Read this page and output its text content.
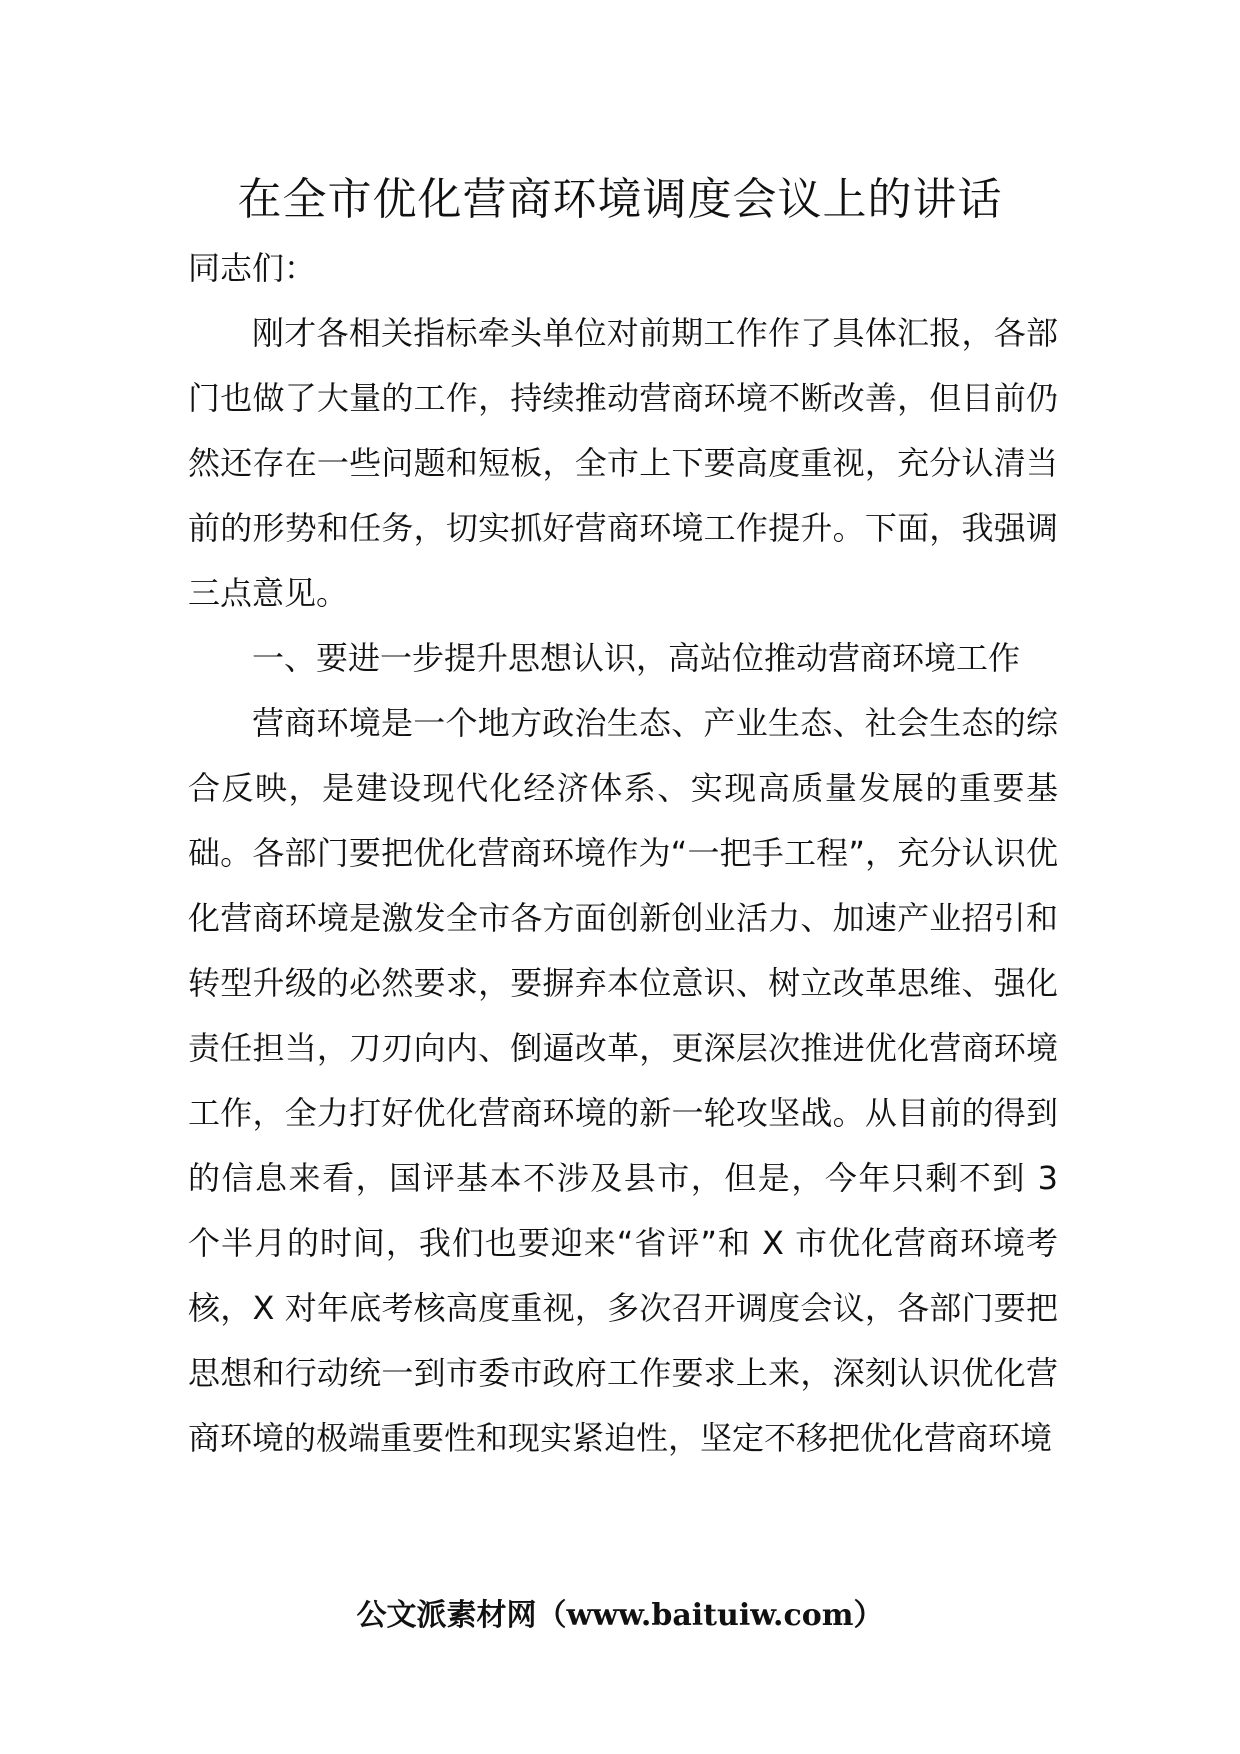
在全市优化营商环境调度会议上的讲话

同志们：

刚才各相关指标牵头单位对前期工作作了具体汇报，各部门也做了大量的工作，持续推动营商环境不断改善，但目前仍然还存在一些问题和短板，全市上下要高度重视，充分认清当前的形势和任务，切实抓好营商环境工作提升。下面，我强调三点意见。

一、要进一步提升思想认识，高站位推动营商环境工作

营商环境是一个地方政治生态、产业生态、社会生态的综合反映，是建设现代化经济体系、实现高质量发展的重要基础。各部门要把优化营商环境作为“一把手工程”，充分认识优化营商环境是激发全市各方面创新创业活力、加速产业招引和转型升级的必然要求，要摒弃本位意识、树立改革思维、强化责任担当，刀刃向内、倒逼改革，更深层次推进优化营商环境工作，全力打好优化营商环境的新一轮攻坚战。从目前的得到的信息来看，国评基本不涉及县市，但是，今年只剩不到 3 个半月的时间，我们也要迎来“省评”和 X 市优化营商环境考核，X 对年底考核高度重视，多次召开调度会议，各部门要把思想和行动统一到市委市政府工作要求上来，深刻认识优化营商环境的极端重要性和现实紧迫性，坚定不移把优化营商环境

公文派素材网（www.baituiw.com）
